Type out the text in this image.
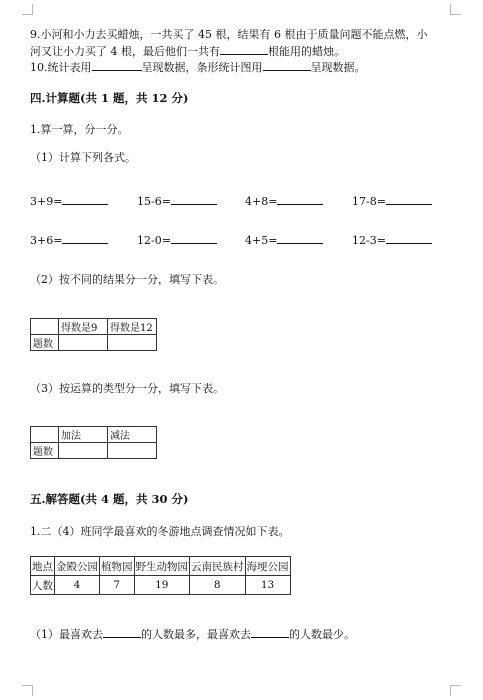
9.小河和小力去买蜡烛，一共买了 45 根，结果有 6 根由于质量问题不能点燃，小
河又让小力买了 4 根，最后他们一共有	根能用的蜡烛。
10.统计表用	呈现数据，条形统计图用	呈现数据。
四.计算题(共 1 题，共 12 分)
1.算一算，分一分。
（1）计算下列各式。
3+9=	15-6=	4+8=	17-8=
3+6=	12-0=	4+5=	12-3=
（2）按不同的结果分一分，填写下表。
	得数是9	得数是12
题数		
（3）按运算的类型分一分，填写下表。
	加法	减法
题数		
五.解答题(共 4 题，共 30 分)
1.二（4）班同学最喜欢的冬游地点调查情况如下表。
地点	金殿公园	植物园	野生动物园	云南民族村	海埂公园
人数	4	7	19	8	13
（1）最喜欢去	的人数最多，最喜欢去	的人数最少。
